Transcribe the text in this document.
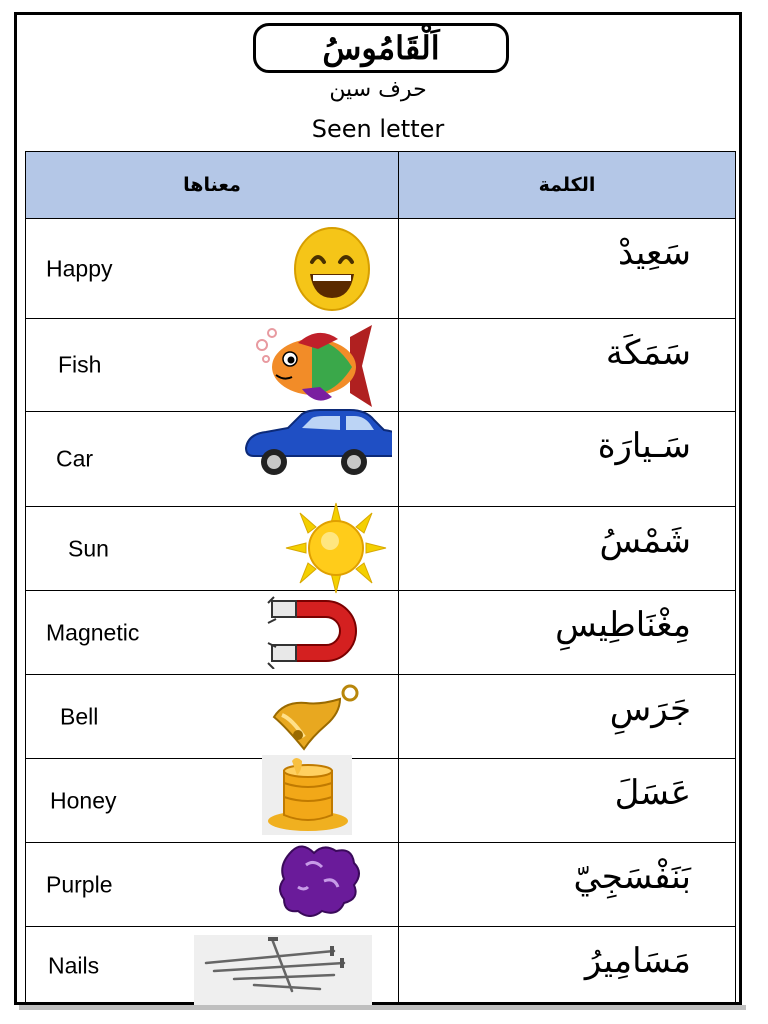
اَلْقَامُوسُ
حرف سين
Seen letter
معناها	الكلمة

Happy	سَعِيدْ

Fish	سَمَكَة

Car	سَـيارَة

Sun	شَمْسُ

Magnetic	مِغْنَاطِيسِ

Bell	جَرَسِ

Honey	عَسَلَ

Purple	بَنَفْسَجِيّ

Nails	مَسَامِيرُ
